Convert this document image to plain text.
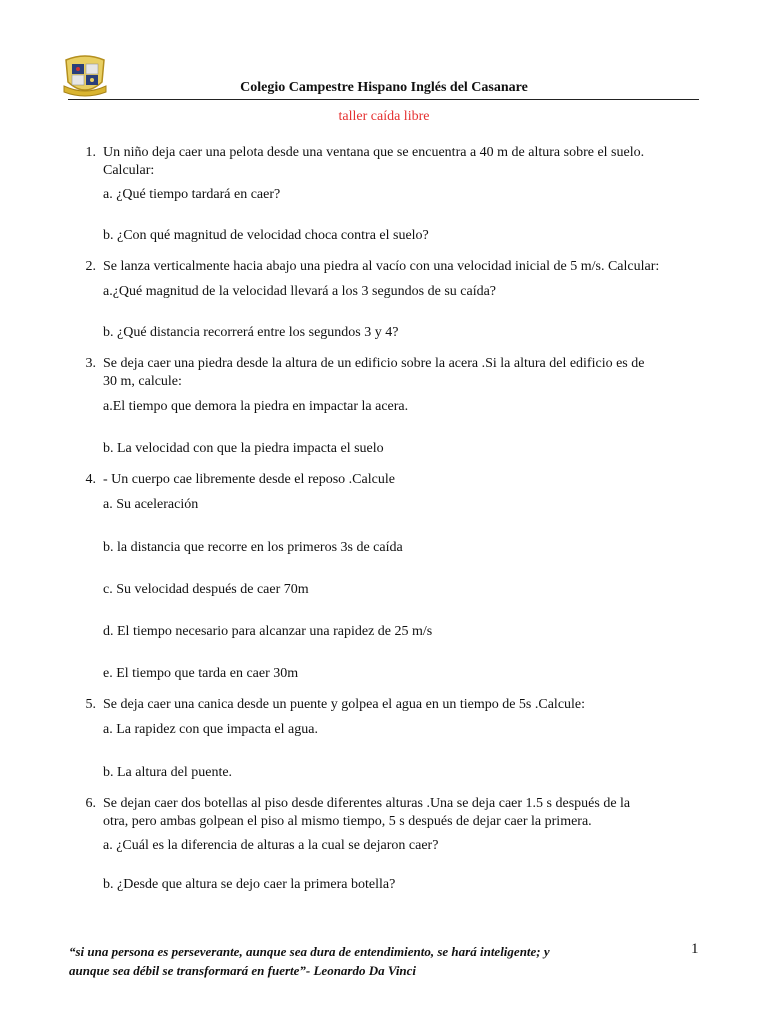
Colegio Campestre Hispano Inglés del Casanare
taller caída libre
1. Un niño deja caer una pelota desde una ventana que se encuentra a 40 m de altura sobre el suelo.
Calcular:
a. ¿Qué tiempo tardará en caer?
b. ¿Con qué magnitud de velocidad choca contra el suelo?
2. Se lanza verticalmente hacia abajo una piedra al vacío con una velocidad inicial de 5 m/s. Calcular:
a.¿Qué magnitud de la velocidad llevará a los 3 segundos de su caída?
b. ¿Qué distancia recorrerá entre los segundos 3 y 4?
3. Se deja caer una piedra desde la altura de un edificio sobre la acera .Si la altura del edificio es de
30 m, calcule:
a.El tiempo que demora la piedra en impactar la acera.
b. La velocidad con que la piedra impacta el suelo
4. - Un cuerpo cae libremente desde el reposo .Calcule
a. Su aceleración
b. la distancia que recorre en los primeros 3s de caída
c. Su velocidad después de caer 70m
d. El tiempo necesario para alcanzar una rapidez de 25 m/s
e. El tiempo que tarda en caer 30m
5. Se deja caer una canica desde un puente y golpea el agua en un tiempo de 5s .Calcule:
a. La rapidez con que impacta el agua.
b. La altura del puente.
6. Se dejan caer dos botellas al piso desde diferentes alturas .Una se deja caer 1.5 s después de la
otra, pero ambas golpean el piso al mismo tiempo, 5 s después de dejar caer la primera.
a. ¿Cuál es la diferencia de alturas a la cual se dejaron caer?
b. ¿Desde que altura se dejo caer la primera botella?
“si una persona es perseverante, aunque sea dura de entendimiento, se hará inteligente; y
aunque sea débil se transformará en fuerte”- Leonardo Da Vinci
1
